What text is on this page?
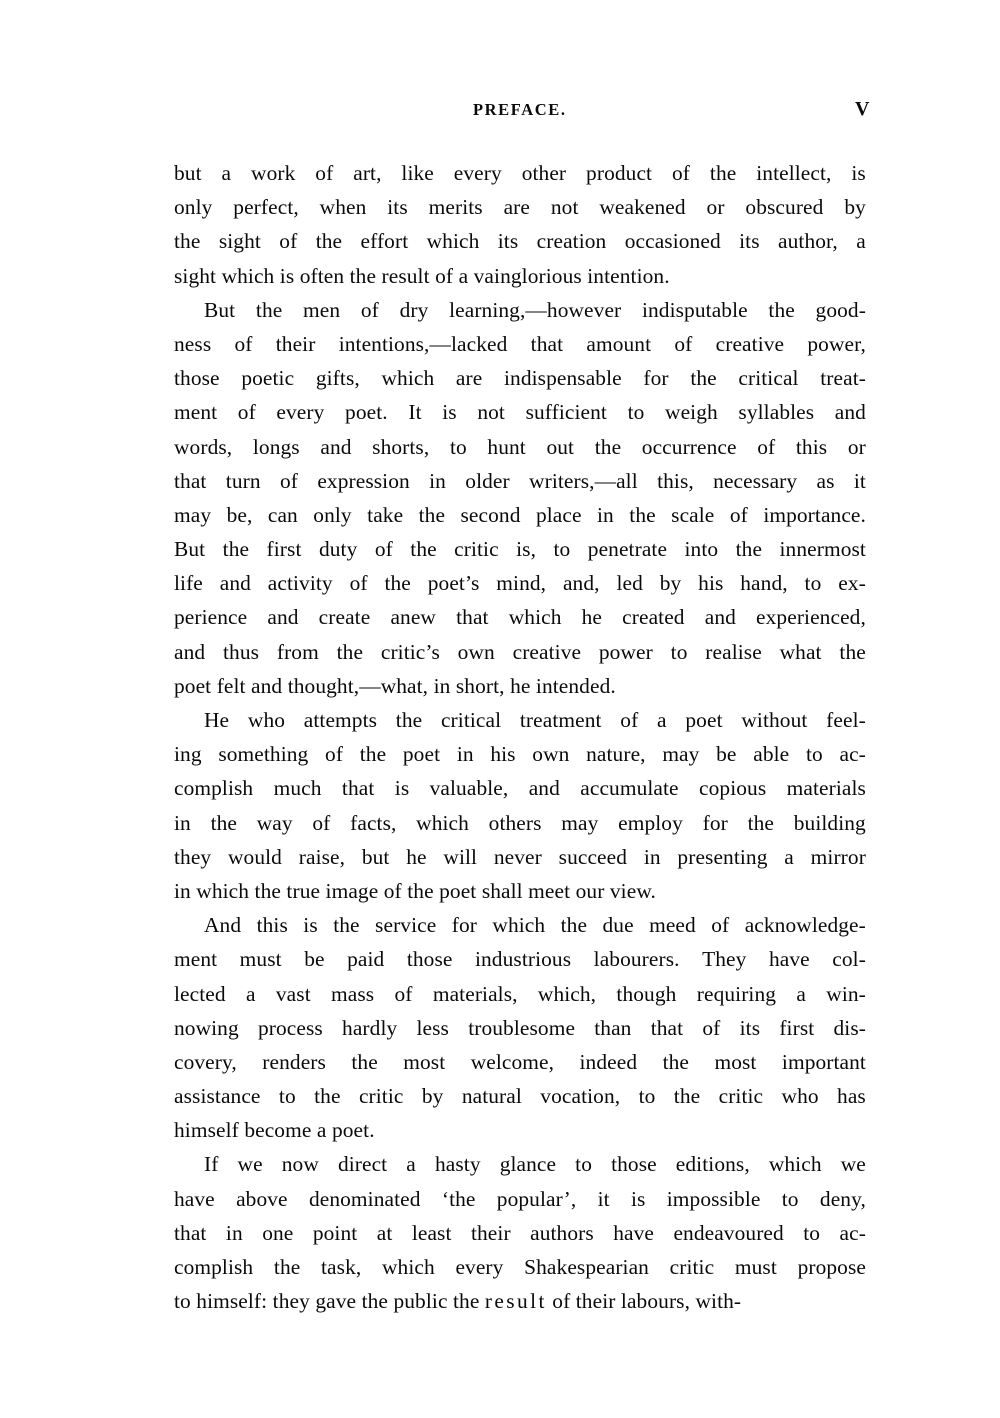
PREFACE.	V
but a work of art, like every other product of the intellect, is
only perfect, when its merits are not weakened or obscured by
the sight of the effort which its creation occasioned its author, a
sight which is often the result of a vainglorious intention.
But the men of dry learning,—however indisputable the good-
ness of their intentions,—lacked that amount of creative power,
those poetic gifts, which are indispensable for the critical treat-
ment of every poet. It is not sufficient to weigh syllables and
words, longs and shorts, to hunt out the occurrence of this or
that turn of expression in older writers,—all this, necessary as it
may be, can only take the second place in the scale of importance.
But the first duty of the critic is, to penetrate into the innermost
life and activity of the poet’s mind, and, led by his hand, to ex-
perience and create anew that which he created and experienced,
and thus from the critic’s own creative power to realise what the
poet felt and thought,—what, in short, he intended.
He who attempts the critical treatment of a poet without feel-
ing something of the poet in his own nature, may be able to ac-
complish much that is valuable, and accumulate copious materials
in the way of facts, which others may employ for the building
they would raise, but he will never succeed in presenting a mirror
in which the true image of the poet shall meet our view.
And this is the service for which the due meed of acknowledge-
ment must be paid those industrious labourers. They have col-
lected a vast mass of materials, which, though requiring a win-
nowing process hardly less troublesome than that of its first dis-
covery, renders the most welcome, indeed the most important
assistance to the critic by natural vocation, to the critic who has
himself become a poet.
If we now direct a hasty glance to those editions, which we
have above denominated ‘the popular’, it is impossible to deny,
that in one point at least their authors have endeavoured to ac-
complish the task, which every Shakespearian critic must propose
to himself: they gave the public the result of their labours, with-
